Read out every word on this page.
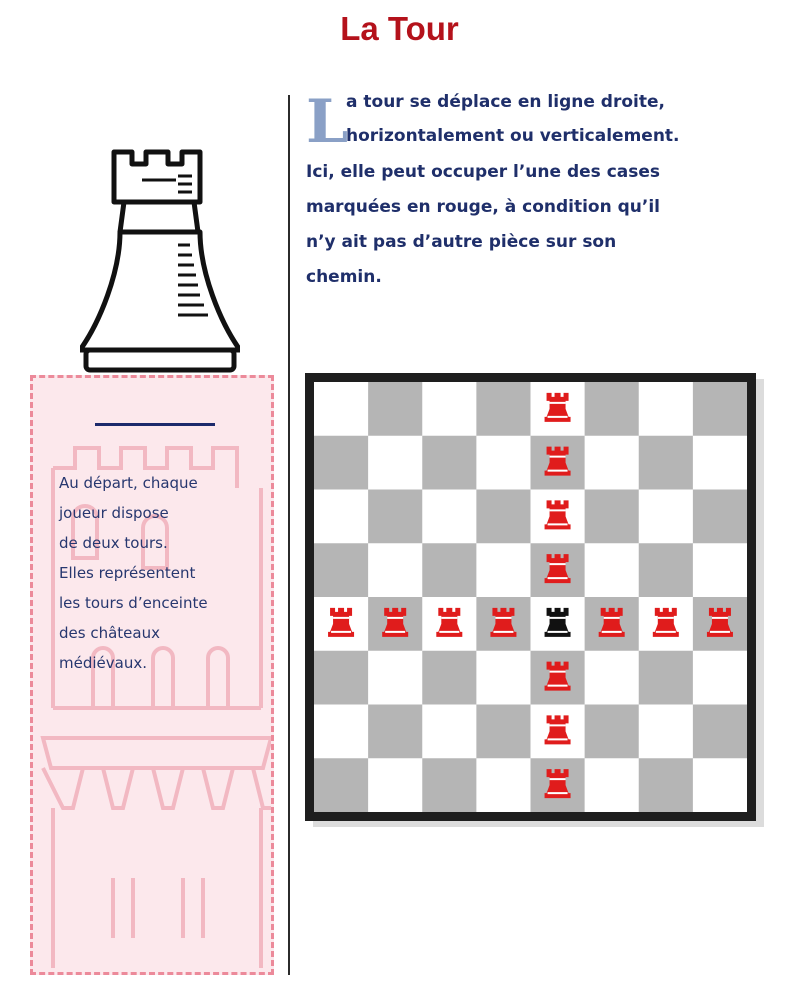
La Tour
Au départ, chaque
joueur dispose
de deux tours.
Elles représentent
les tours d’enceinte
des châteaux
médiévaux.
L
a tour se déplace en ligne droite,
horizontalement ou verticalement.
Ici, elle peut occuper l’une des cases
marquées en rouge, à condition qu’il
n’y ait pas d’autre pièce sur son
chemin.
